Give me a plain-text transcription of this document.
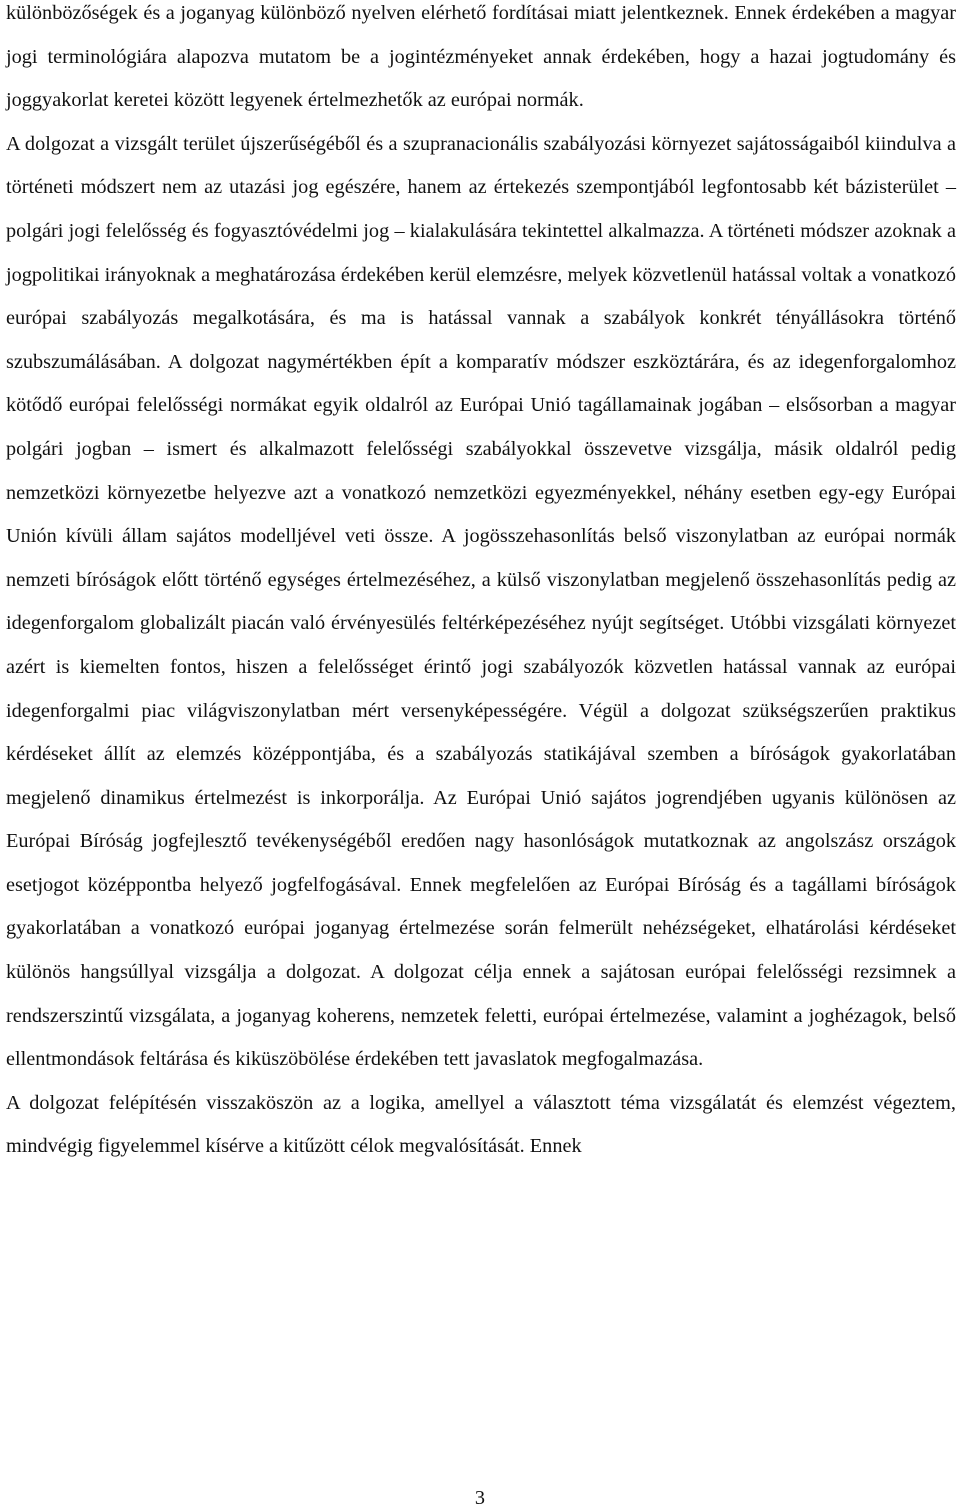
különbözőségek és a joganyag különböző nyelven elérhető fordításai miatt jelentkeznek. Ennek érdekében a magyar jogi terminológiára alapozva mutatom be a jogintézményeket annak érdekében, hogy a hazai jogtudomány és joggyakorlat keretei között legyenek értelmezhetők az európai normák.

A dolgozat a vizsgált terület újszerűségéből és a szupranacionális szabályozási környezet sajátosságaiból kiindulva a történeti módszert nem az utazási jog egészére, hanem az értekezés szempontjából legfontosabb két bázisterület – polgári jogi felelősség és fogyasztóvédelmi jog – kialakulására tekintettel alkalmazza. A történeti módszer azoknak a jogpolitikai irányoknak a meghatározása érdekében kerül elemzésre, melyek közvetlenül hatással voltak a vonatkozó európai szabályozás megalkotására, és ma is hatással vannak a szabályok konkrét tényállásokra történő szubszumálásában. A dolgozat nagymértékben épít a komparatív módszer eszköztárára, és az idegenforgalomhoz kötődő európai felelősségi normákat egyik oldalról az Európai Unió tagállamainak jogában – elsősorban a magyar polgári jogban – ismert és alkalmazott felelősségi szabályokkal összevetve vizsgálja, másik oldalról pedig nemzetközi környezetbe helyezve azt a vonatkozó nemzetközi egyezményekkel, néhány esetben egy-egy Európai Unión kívüli állam sajátos modelljével veti össze. A jogösszehasonlítás belső viszonylatban az európai normák nemzeti bíróságok előtt történő egységes értelmezéséhez, a külső viszonylatban megjelenő összehasonlítás pedig az idegenforgalom globalizált piacán való érvényesülés feltérképezéséhez nyújt segítséget. Utóbbi vizsgálati környezet azért is kiemelten fontos, hiszen a felelősséget érintő jogi szabályozók közvetlen hatással vannak az európai idegenforgalmi piac világviszonylatban mért versenyképességére. Végül a dolgozat szükségszerűen praktikus kérdéseket állít az elemzés középpontjába, és a szabályozás statikájával szemben a bíróságok gyakorlatában megjelenő dinamikus értelmezést is inkorporálja. Az Európai Unió sajátos jogrendjében ugyanis különösen az Európai Bíróság jogfejlesztő tevékenységéből eredően nagy hasonlóságok mutatkoznak az angolszász országok esetjogot középpontba helyező jogfelfogásával. Ennek megfelelően az Európai Bíróság és a tagállami bíróságok gyakorlatában a vonatkozó európai joganyag értelmezése során felmerült nehézségeket, elhatárolási kérdéseket különös hangsúllyal vizsgálja a dolgozat. A dolgozat célja ennek a sajátosan európai felelősségi rezsimnek a rendszerszintű vizsgálata, a joganyag koherens, nemzetek feletti, európai értelmezése, valamint a joghézagok, belső ellentmondások feltárása és kiküszöbölése érdekében tett javaslatok megfogalmazása.

A dolgozat felépítésén visszaköszön az a logika, amellyel a választott téma vizsgálatát és elemzést végeztem, mindvégig figyelemmel kísérve a kitűzött célok megvalósítását. Ennek

3
